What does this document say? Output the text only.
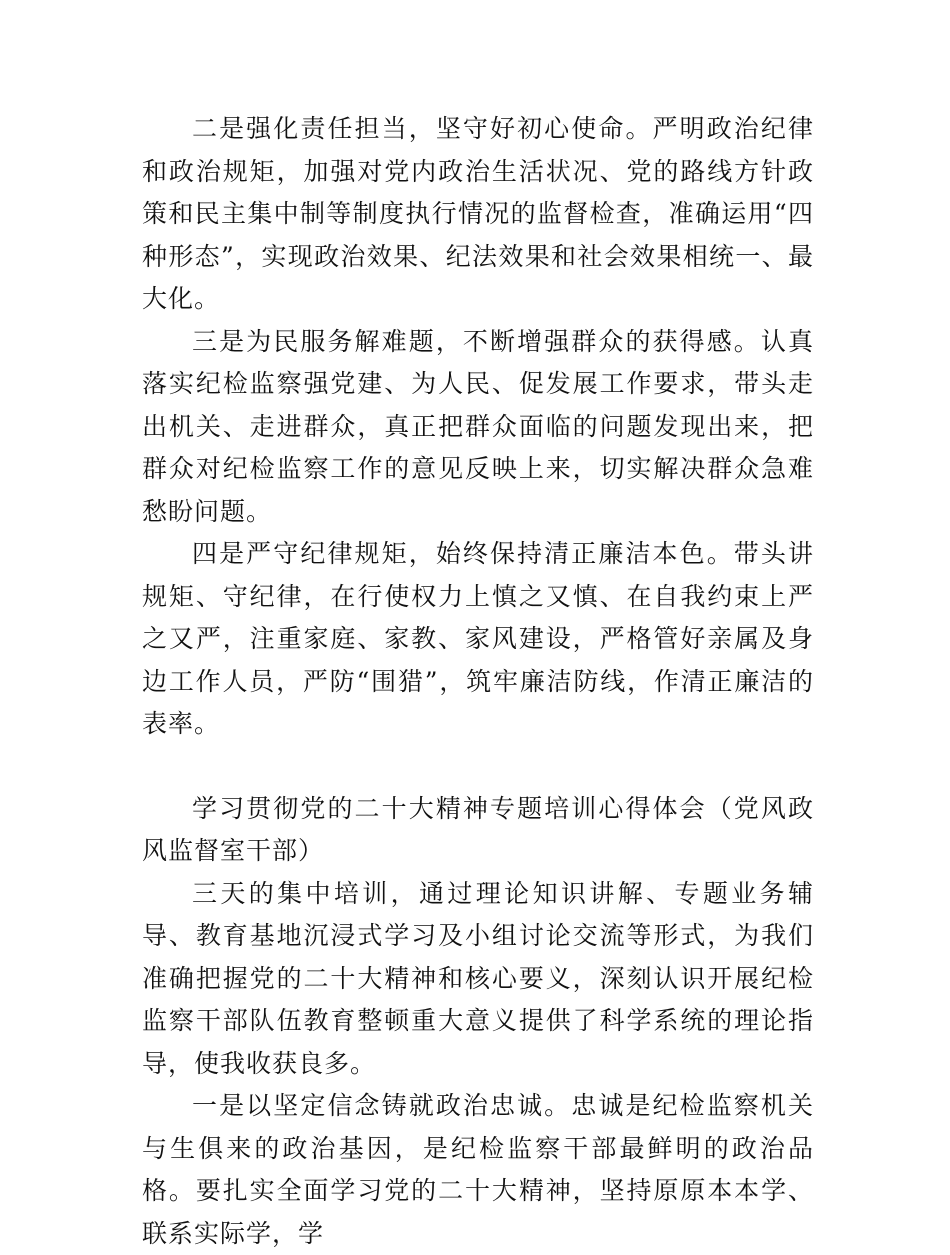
二是强化责任担当，坚守好初心使命。严明政治纪律和政治规矩，加强对党内政治生活状况、党的路线方针政策和民主集中制等制度执行情况的监督检查，准确运用“四种形态”，实现政治效果、纪法效果和社会效果相统一、最大化。

三是为民服务解难题，不断增强群众的获得感。认真落实纪检监察强党建、为人民、促发展工作要求，带头走出机关、走进群众，真正把群众面临的问题发现出来，把群众对纪检监察工作的意见反映上来，切实解决群众急难愁盼问题。

四是严守纪律规矩，始终保持清正廉洁本色。带头讲规矩、守纪律，在行使权力上慎之又慎、在自我约束上严之又严，注重家庭、家教、家风建设，严格管好亲属及身边工作人员，严防“围猎”，筑牢廉洁防线，作清正廉洁的表率。

学习贯彻党的二十大精神专题培训心得体会（党风政风监督室干部）

三天的集中培训，通过理论知识讲解、专题业务辅导、教育基地沉浸式学习及小组讨论交流等形式，为我们准确把握党的二十大精神和核心要义，深刻认识开展纪检监察干部队伍教育整顿重大意义提供了科学系统的理论指导，使我收获良多。

一是以坚定信念铸就政治忠诚。忠诚是纪检监察机关与生俱来的政治基因，是纪检监察干部最鲜明的政治品格。要扎实全面学习党的二十大精神，坚持原原本本学、联系实际学，学
